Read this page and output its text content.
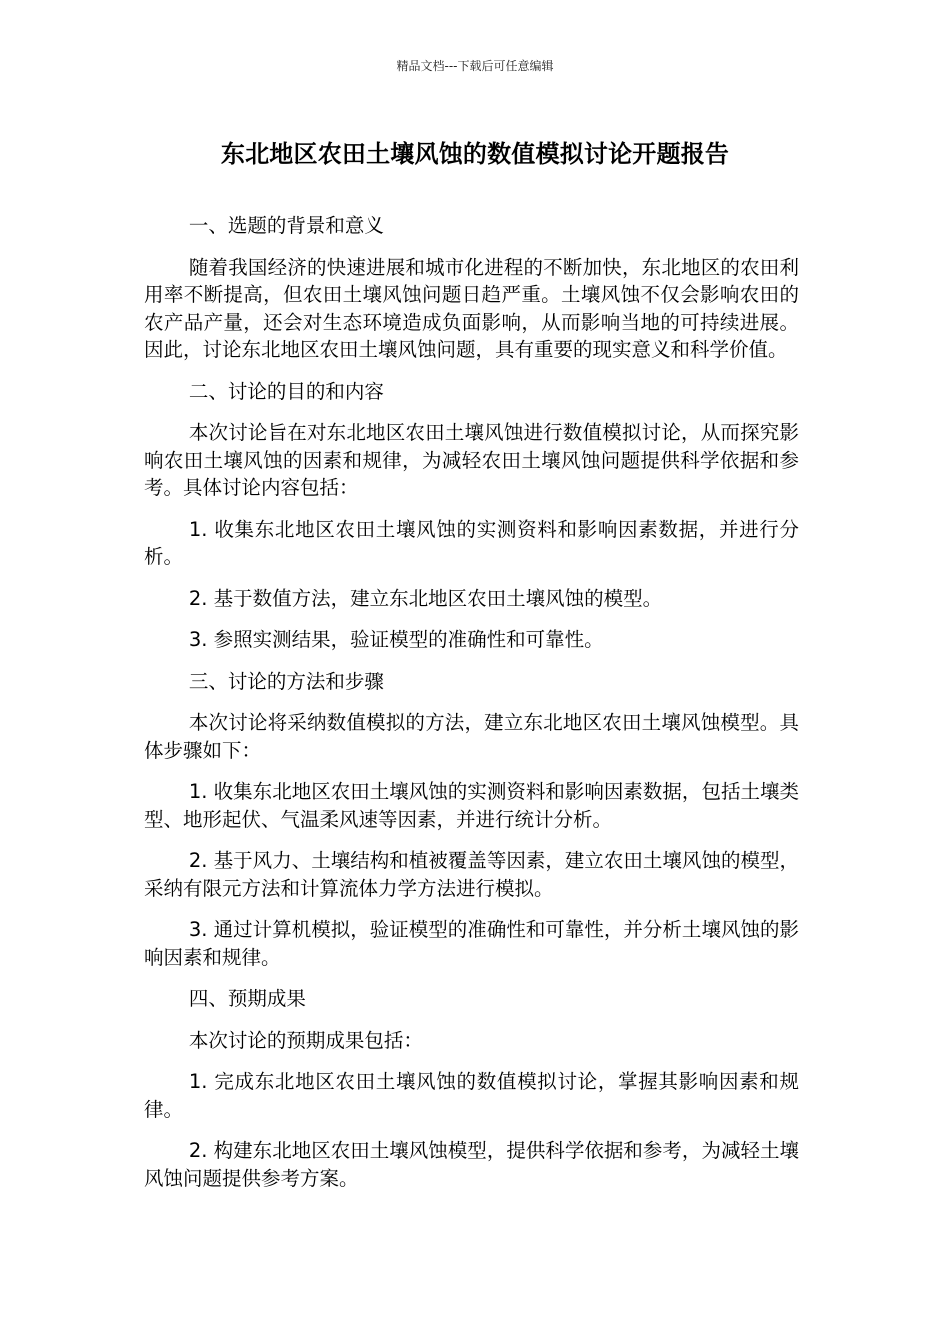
精品文档---下载后可任意编辑
东北地区农田土壤风蚀的数值模拟讨论开题报告

一、选题的背景和意义

随着我国经济的快速进展和城市化进程的不断加快，东北地区的农田利用率不断提高，但农田土壤风蚀问题日趋严重。土壤风蚀不仅会影响农田的农产品产量，还会对生态环境造成负面影响，从而影响当地的可持续进展。因此，讨论东北地区农田土壤风蚀问题，具有重要的现实意义和科学价值。

二、讨论的目的和内容

本次讨论旨在对东北地区农田土壤风蚀进行数值模拟讨论，从而探究影响农田土壤风蚀的因素和规律，为减轻农田土壤风蚀问题提供科学依据和参考。具体讨论内容包括：

1. 收集东北地区农田土壤风蚀的实测资料和影响因素数据，并进行分析。

2. 基于数值方法，建立东北地区农田土壤风蚀的模型。

3. 参照实测结果，验证模型的准确性和可靠性。

三、讨论的方法和步骤

本次讨论将采纳数值模拟的方法，建立东北地区农田土壤风蚀模型。具体步骤如下：

1. 收集东北地区农田土壤风蚀的实测资料和影响因素数据，包括土壤类型、地形起伏、气温柔风速等因素，并进行统计分析。

2. 基于风力、土壤结构和植被覆盖等因素，建立农田土壤风蚀的模型，采纳有限元方法和计算流体力学方法进行模拟。

3. 通过计算机模拟，验证模型的准确性和可靠性，并分析土壤风蚀的影响因素和规律。

四、预期成果

本次讨论的预期成果包括：

1. 完成东北地区农田土壤风蚀的数值模拟讨论，掌握其影响因素和规律。

2. 构建东北地区农田土壤风蚀模型，提供科学依据和参考，为减轻土壤风蚀问题提供参考方案。
